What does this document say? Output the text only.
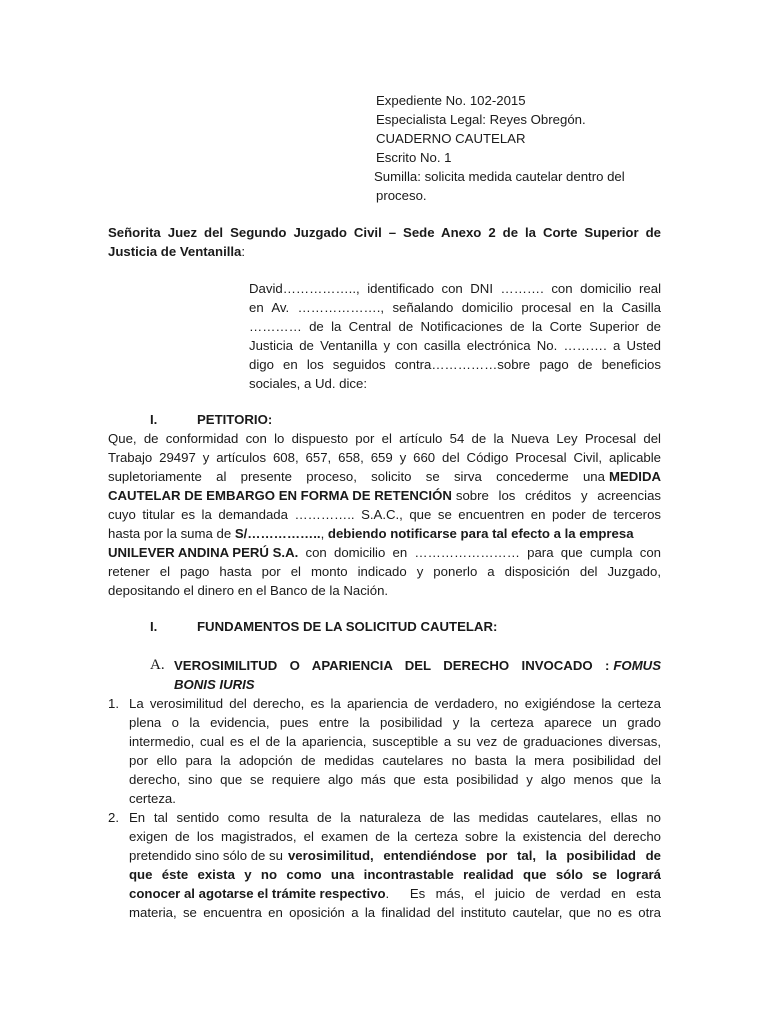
Expediente No. 102-2015
Especialista Legal: Reyes Obregón.
CUADERNO CAUTELAR
Escrito No. 1
Sumilla: solicita medida cautelar dentro del
proceso.
Señorita Juez del Segundo Juzgado Civil – Sede Anexo 2 de la Corte Superior de
Justicia de Ventanilla:
David…………….., identificado con DNI ………. con domicilio real
en Av. ………………., señalando domicilio procesal en la Casilla
………… de la Central de Notificaciones de la Corte Superior de
Justicia de Ventanilla y con casilla electrónica No. ………. a Usted
digo en los seguidos contra……………sobre pago de beneficios
sociales, a Ud. dice:
I.	PETITORIO:
Que, de conformidad con lo dispuesto por el artículo 54 de la Nueva Ley Procesal del
Trabajo 29497 y artículos 608, 657, 658, 659 y 660 del Código Procesal Civil, aplicable
supletoriamente al presente proceso, solicito se sirva concederme una MEDIDA
CAUTELAR DE EMBARGO EN FORMA DE RETENCIÓN sobre los créditos y acreencias
cuyo titular es la demandada ………….. S.A.C., que se encuentren en poder de terceros
hasta por la suma de S/…………….., debiendo notificarse para tal efecto a la empresa
UNILEVER ANDINA PERÚ S.A. con domicilio en …………………… para que cumpla con
retener el pago hasta por el monto indicado y ponerlo a disposición del Juzgado,
depositando el dinero en el Banco de la Nación.
I.	FUNDAMENTOS DE LA SOLICITUD CAUTELAR:
A. VEROSIMILITUD O APARIENCIA DEL DERECHO INVOCADO : FOMUS
BONIS IURIS
1. La verosimilitud del derecho, es la apariencia de verdadero, no exigiéndose la certeza
plena o la evidencia, pues entre la posibilidad y la certeza aparece un grado
intermedio, cual es el de la apariencia, susceptible a su vez de graduaciones diversas,
por ello para la adopción de medidas cautelares no basta la mera posibilidad del
derecho, sino que se requiere algo más que esta posibilidad y algo menos que la
certeza.
2. En tal sentido como resulta de la naturaleza de las medidas cautelares, ellas no
exigen de los magistrados, el examen de la certeza sobre la existencia del derecho
pretendido sino sólo de su verosimilitud, entendiéndose por tal, la posibilidad de
que éste exista y no como una incontrastable realidad que sólo se logrará
conocer al agotarse el trámite respectivo .  Es más, el juicio de verdad en esta
materia, se encuentra en oposición a la finalidad del instituto cautelar, que no es otra
